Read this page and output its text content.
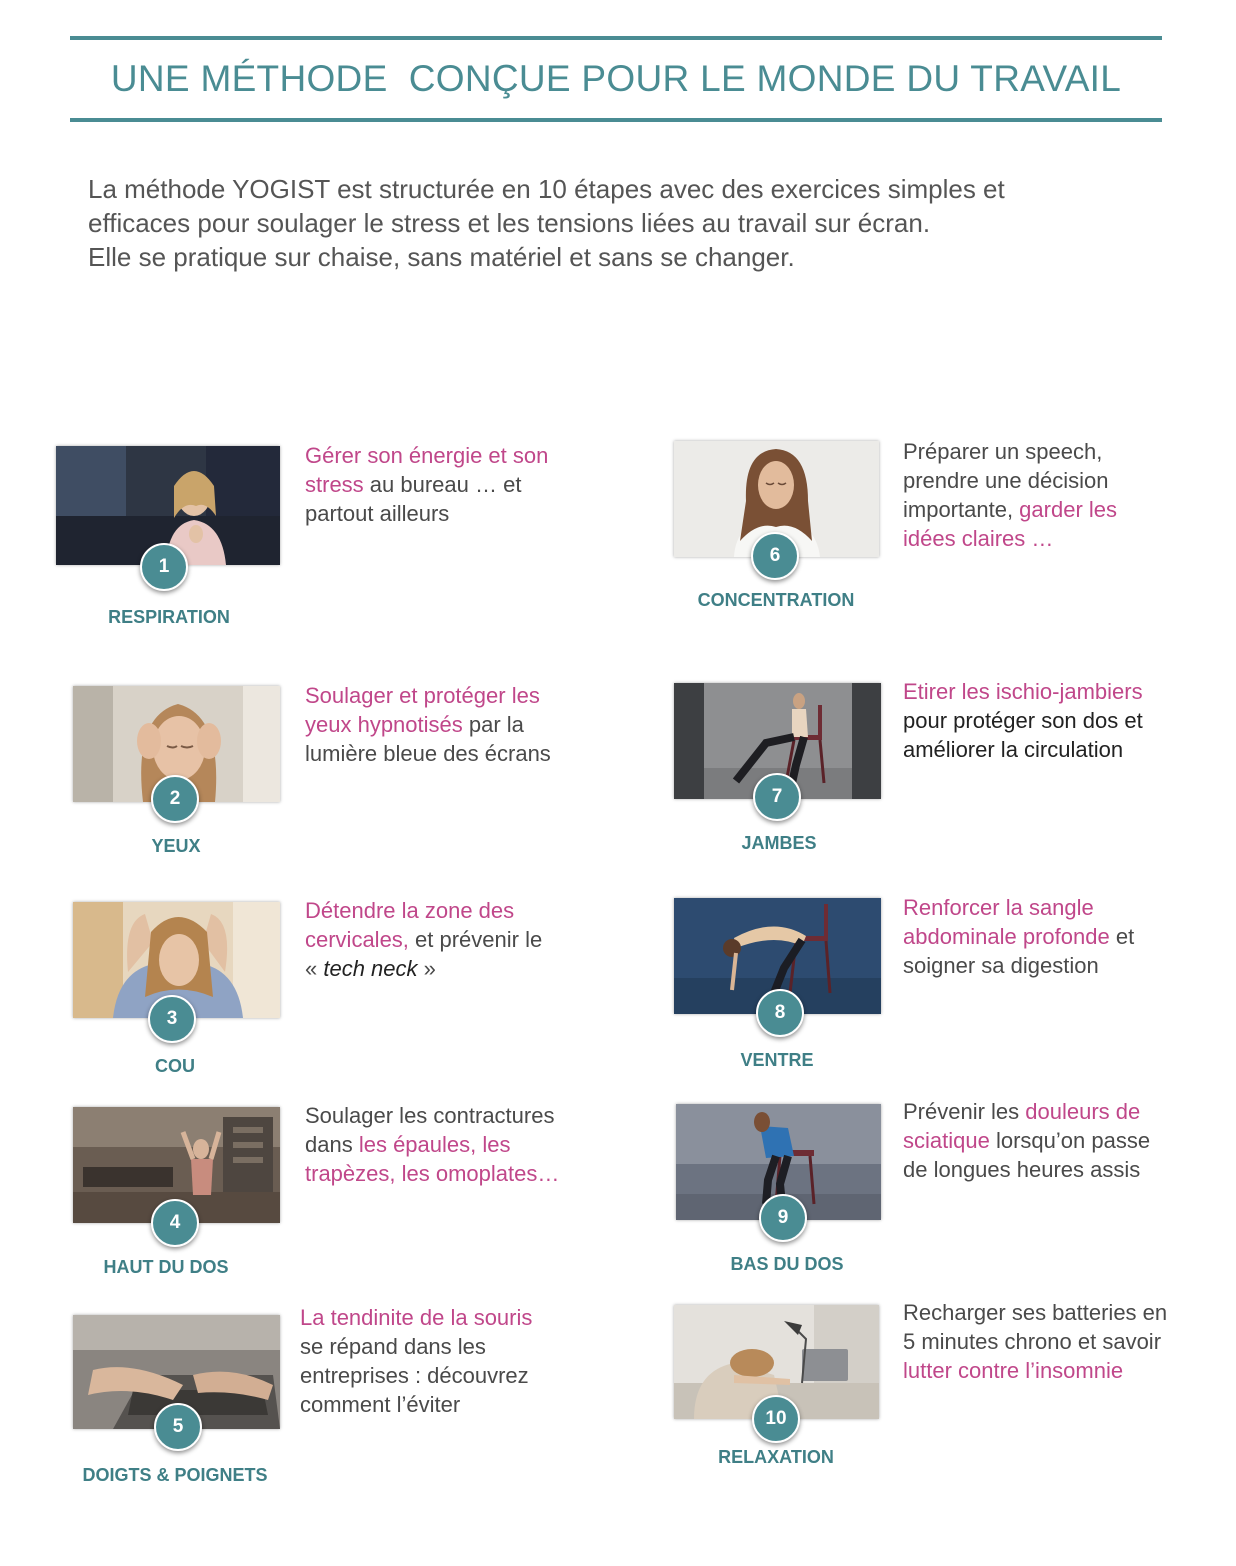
UNE MÉTHODE  CONÇUE POUR LE MONDE DU TRAVAIL
La méthode YOGIST est structurée en 10 étapes avec des exercices simples et
efficaces pour soulager le stress et les tensions liées au travail sur écran.
Elle se pratique sur chaise, sans matériel et sans se changer.
1
RESPIRATION
Gérer son énergie et son
stress au bureau … et
partout ailleurs
2
YEUX
Soulager et protéger les
yeux hypnotisés par la
lumière bleue des écrans
3
COU
Détendre la zone des
cervicales, et prévenir le
« tech neck »
4
HAUT DU DOS
Soulager les contractures
dans les épaules, les
trapèzes, les omoplates…
5
DOIGTS & POIGNETS
La tendinite de la souris
se répand dans les
entreprises : découvrez
comment l’éviter
6
CONCENTRATION
Préparer un speech,
prendre une décision
importante, garder les
idées claires …
7
JAMBES
Etirer les ischio-jambiers
pour protéger son dos et
améliorer la circulation
8
VENTRE
Renforcer la sangle
abdominale profonde et
soigner sa digestion
9
BAS DU DOS
Prévenir les douleurs de
sciatique lorsqu’on passe
de longues heures assis
10
RELAXATION
Recharger ses batteries en
5 minutes chrono et savoir
lutter contre l’insomnie
